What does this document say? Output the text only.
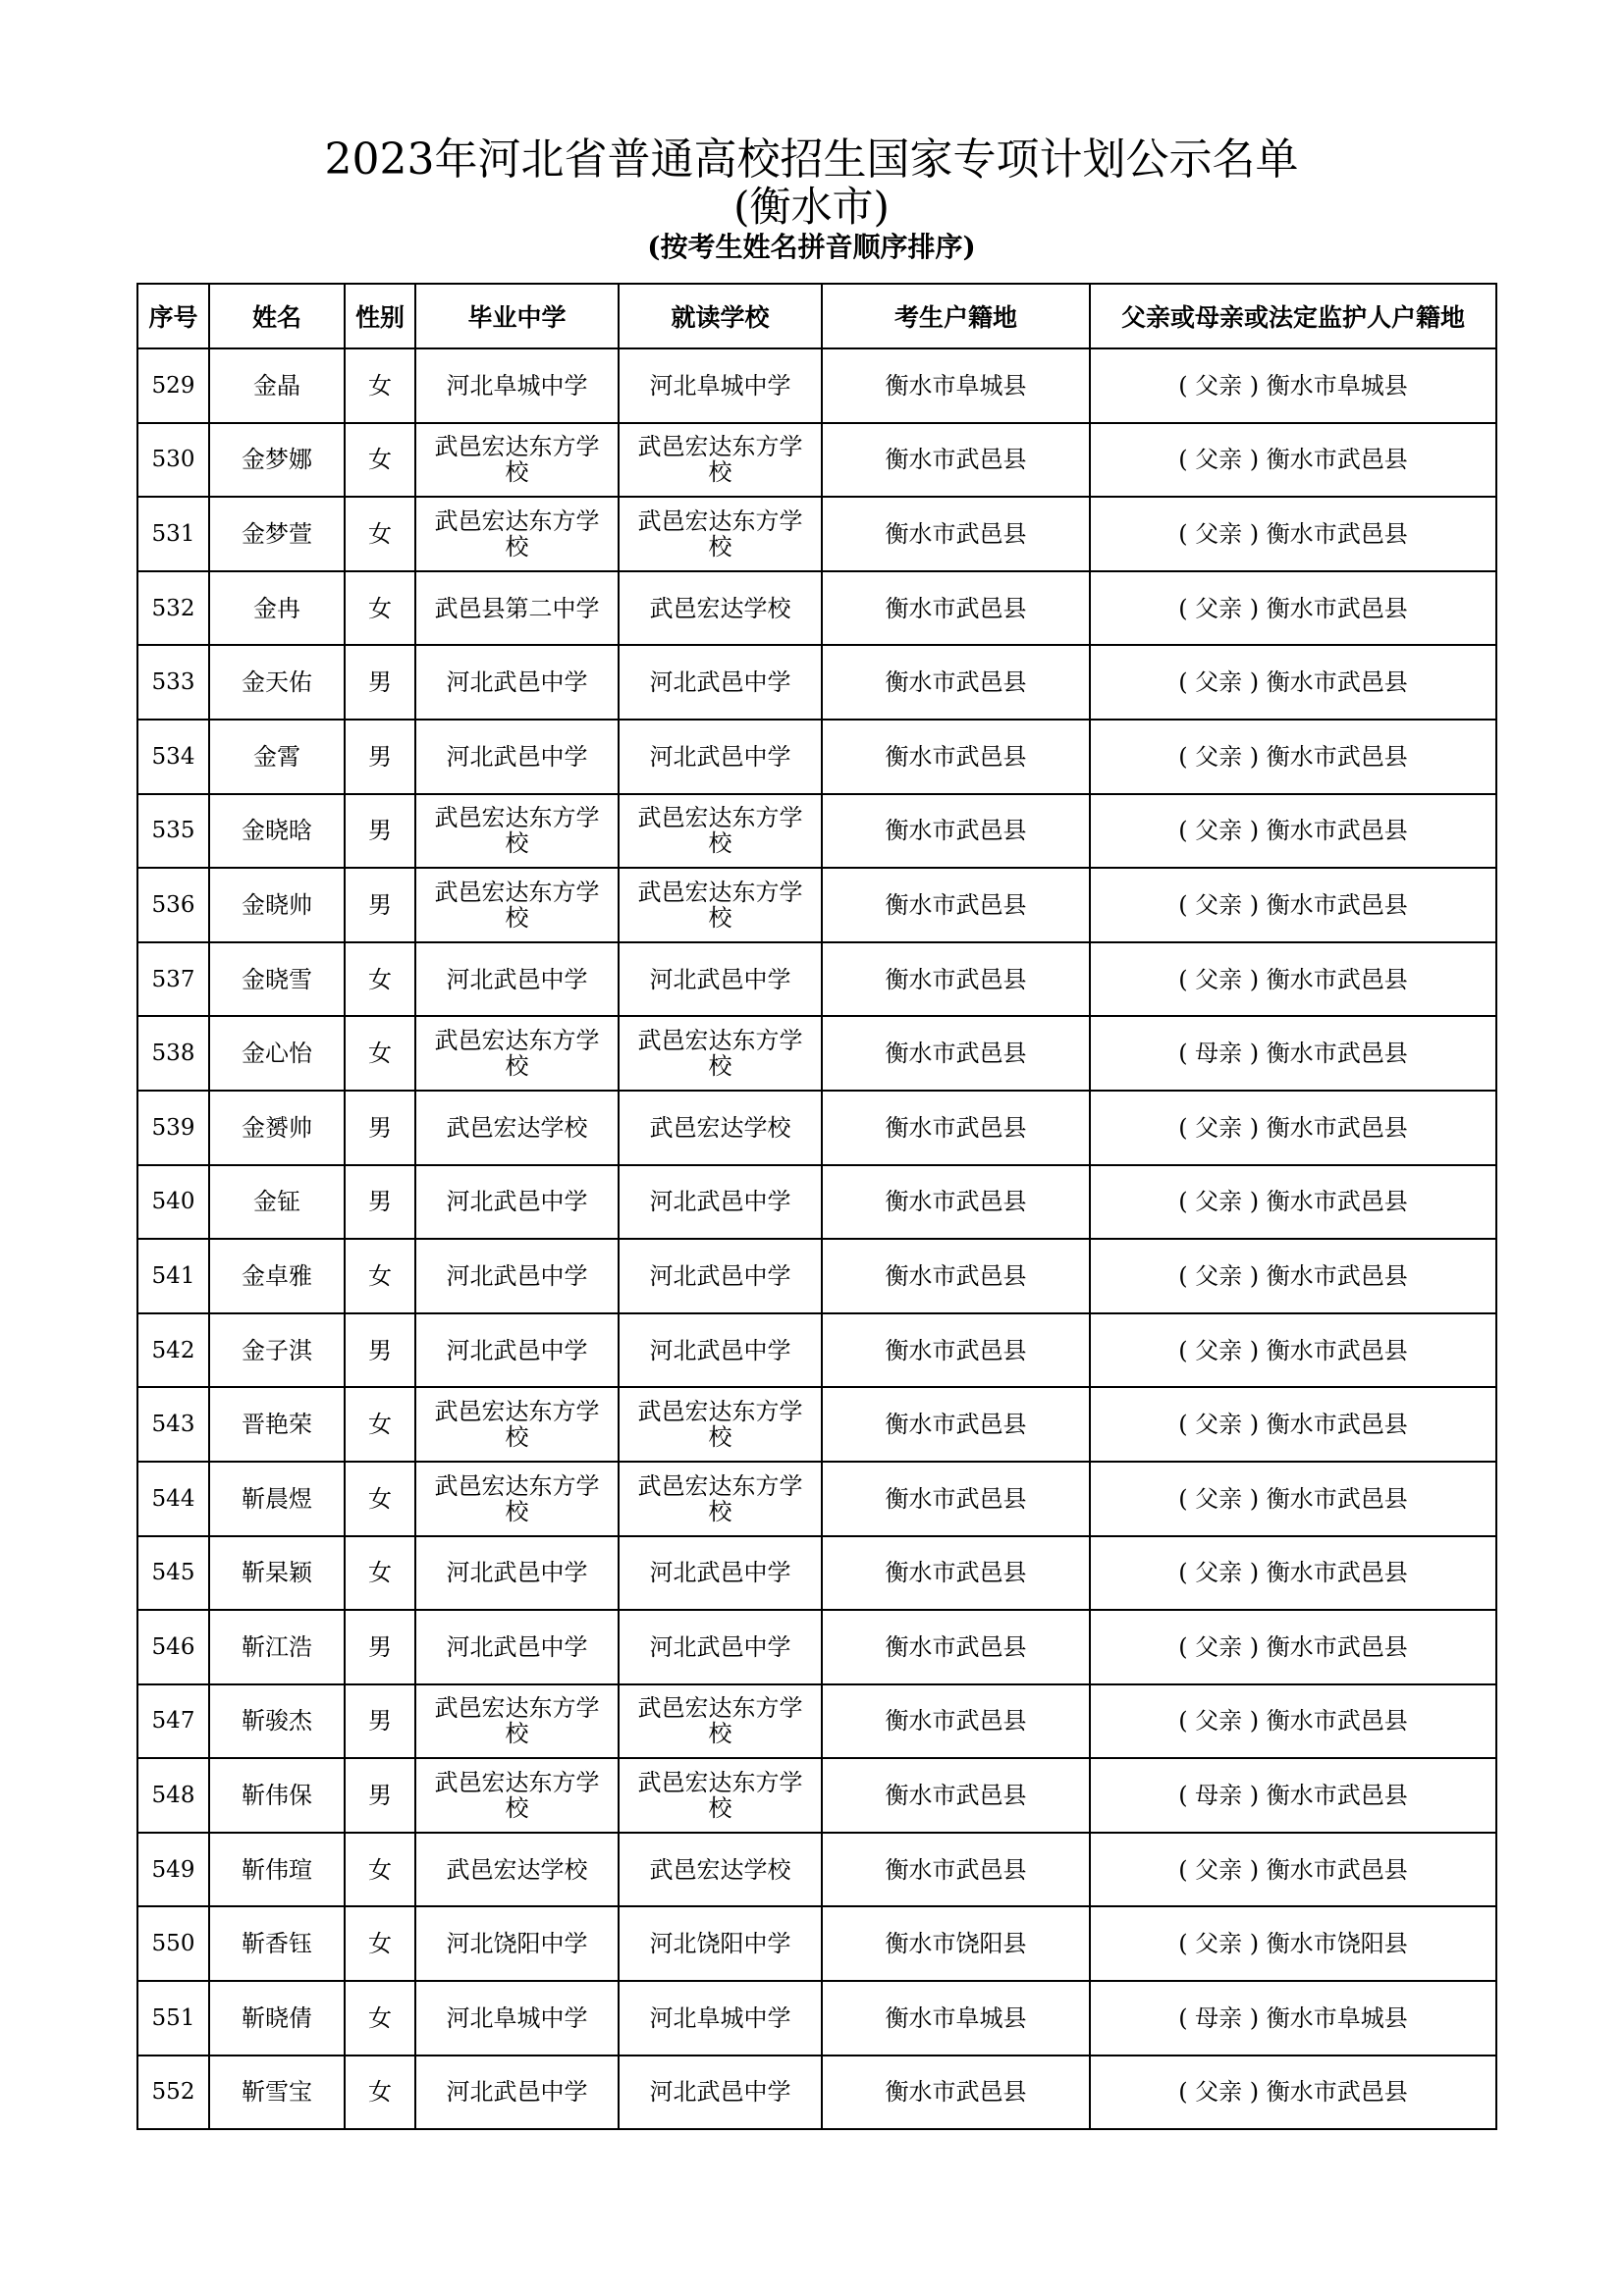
2023年河北省普通高校招生国家专项计划公示名单
(衡水市)
(按考生姓名拼音顺序排序)
序号	姓名	性别	毕业中学	就读学校	考生户籍地	父亲或母亲或法定监护人户籍地
529	金晶	女	河北阜城中学	河北阜城中学	衡水市阜城县	( 父亲 ) 衡水市阜城县
530	金梦娜	女	武邑宏达东方学校	武邑宏达东方学校	衡水市武邑县	( 父亲 ) 衡水市武邑县
531	金梦萱	女	武邑宏达东方学校	武邑宏达东方学校	衡水市武邑县	( 父亲 ) 衡水市武邑县
532	金冉	女	武邑县第二中学	武邑宏达学校	衡水市武邑县	( 父亲 ) 衡水市武邑县
533	金天佑	男	河北武邑中学	河北武邑中学	衡水市武邑县	( 父亲 ) 衡水市武邑县
534	金霄	男	河北武邑中学	河北武邑中学	衡水市武邑县	( 父亲 ) 衡水市武邑县
535	金晓晗	男	武邑宏达东方学校	武邑宏达东方学校	衡水市武邑县	( 父亲 ) 衡水市武邑县
536	金晓帅	男	武邑宏达东方学校	武邑宏达东方学校	衡水市武邑县	( 父亲 ) 衡水市武邑县
537	金晓雪	女	河北武邑中学	河北武邑中学	衡水市武邑县	( 父亲 ) 衡水市武邑县
538	金心怡	女	武邑宏达东方学校	武邑宏达东方学校	衡水市武邑县	( 母亲 ) 衡水市武邑县
539	金赟帅	男	武邑宏达学校	武邑宏达学校	衡水市武邑县	( 父亲 ) 衡水市武邑县
540	金钲	男	河北武邑中学	河北武邑中学	衡水市武邑县	( 父亲 ) 衡水市武邑县
541	金卓雅	女	河北武邑中学	河北武邑中学	衡水市武邑县	( 父亲 ) 衡水市武邑县
542	金子淇	男	河北武邑中学	河北武邑中学	衡水市武邑县	( 父亲 ) 衡水市武邑县
543	晋艳荣	女	武邑宏达东方学校	武邑宏达东方学校	衡水市武邑县	( 父亲 ) 衡水市武邑县
544	靳晨煜	女	武邑宏达东方学校	武邑宏达东方学校	衡水市武邑县	( 父亲 ) 衡水市武邑县
545	靳杲颖	女	河北武邑中学	河北武邑中学	衡水市武邑县	( 父亲 ) 衡水市武邑县
546	靳江浩	男	河北武邑中学	河北武邑中学	衡水市武邑县	( 父亲 ) 衡水市武邑县
547	靳骏杰	男	武邑宏达东方学校	武邑宏达东方学校	衡水市武邑县	( 父亲 ) 衡水市武邑县
548	靳伟保	男	武邑宏达东方学校	武邑宏达东方学校	衡水市武邑县	( 母亲 ) 衡水市武邑县
549	靳伟瑄	女	武邑宏达学校	武邑宏达学校	衡水市武邑县	( 父亲 ) 衡水市武邑县
550	靳香钰	女	河北饶阳中学	河北饶阳中学	衡水市饶阳县	( 父亲 ) 衡水市饶阳县
551	靳晓倩	女	河北阜城中学	河北阜城中学	衡水市阜城县	( 母亲 ) 衡水市阜城县
552	靳雪宝	女	河北武邑中学	河北武邑中学	衡水市武邑县	( 父亲 ) 衡水市武邑县
